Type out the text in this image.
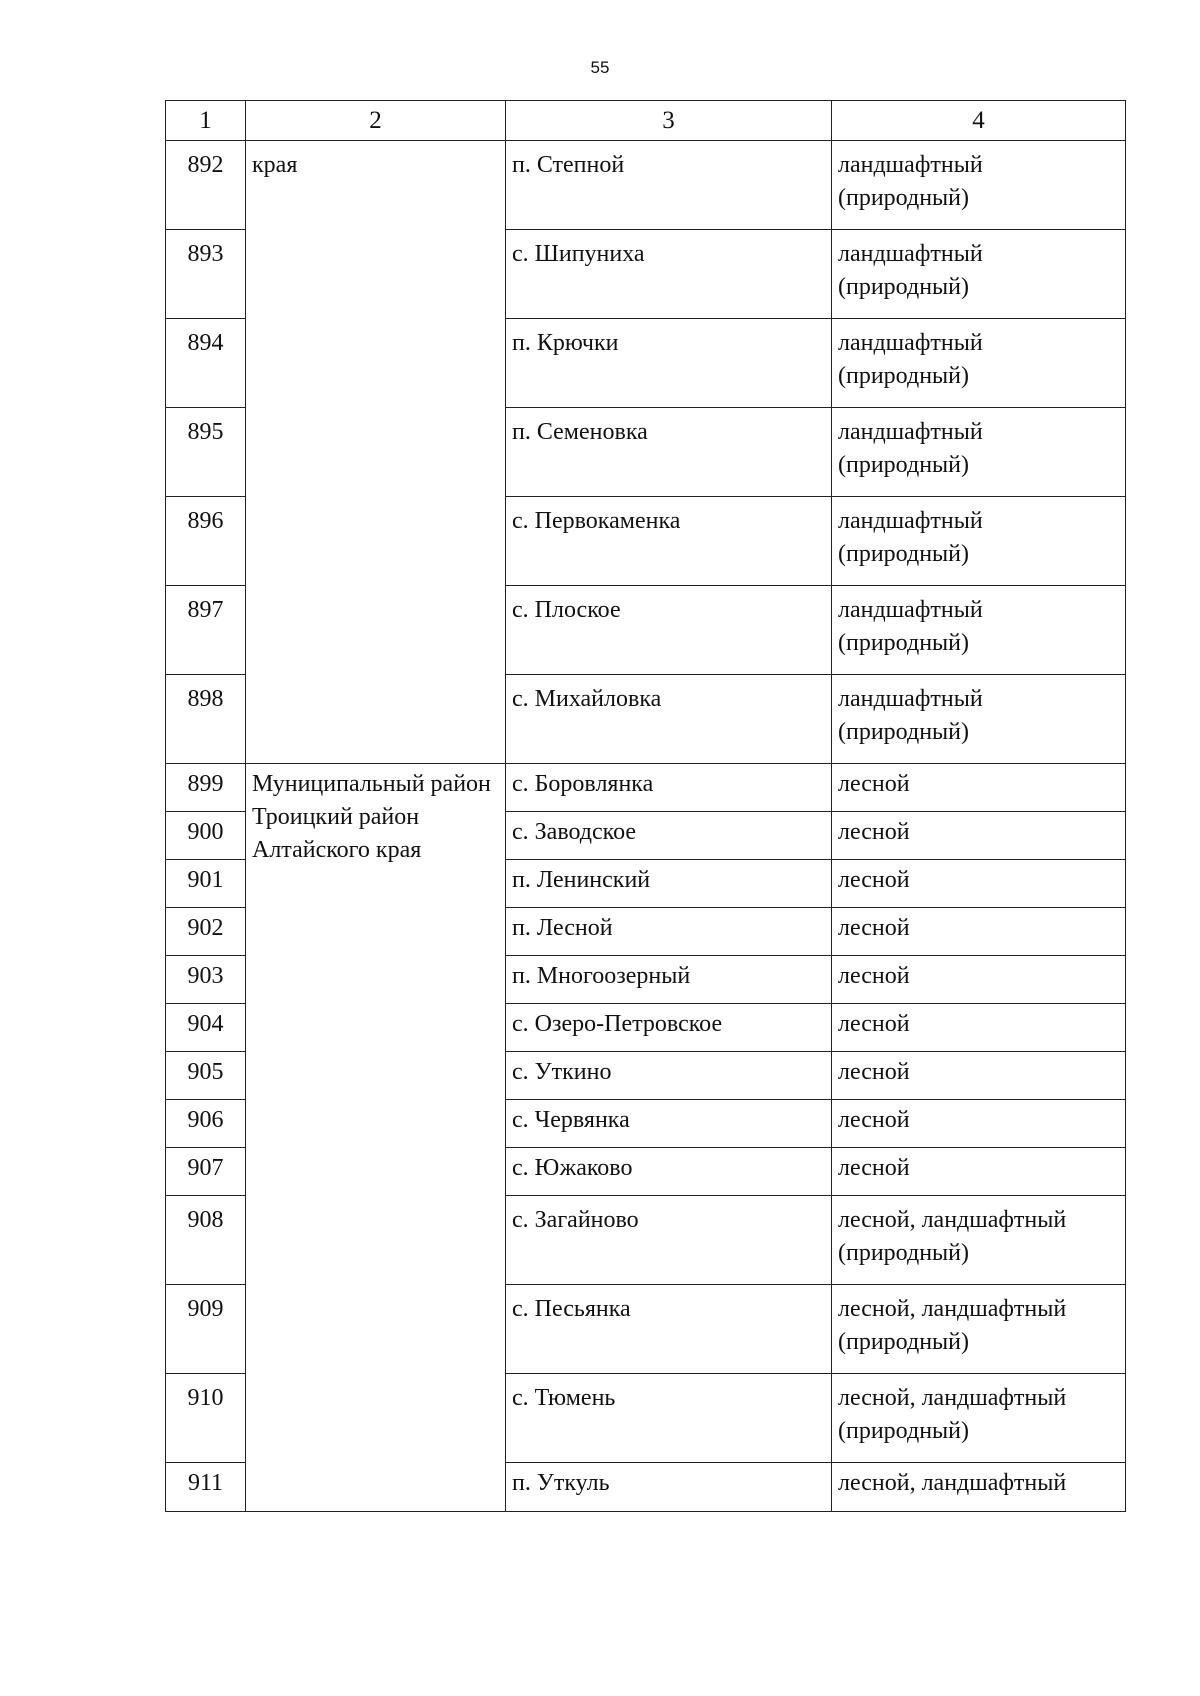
55
1	2	3	4
892	края	п. Степной	ландшафтный (природный)
893		с. Шипуниха	ландшафтный (природный)
894		п. Крючки	ландшафтный (природный)
895		п. Семеновка	ландшафтный (природный)
896		с. Первокаменка	ландшафтный (природный)
897		с. Плоское	ландшафтный (природный)
898		с. Михайловка	ландшафтный (природный)
899	Муниципальный район Троицкий район Алтайского края	с. Боровлянка	лесной
900		с. Заводское	лесной
901		п. Ленинский	лесной
902		п. Лесной	лесной
903		п. Многоозерный	лесной
904		с. Озеро-Петровское	лесной
905		с. Уткино	лесной
906		с. Червянка	лесной
907		с. Южаково	лесной
908		с. Загайново	лесной, ландшафтный (природный)
909		с. Песьянка	лесной, ландшафтный (природный)
910		с. Тюмень	лесной, ландшафтный (природный)
911		п. Уткуль	лесной, ландшафтный
